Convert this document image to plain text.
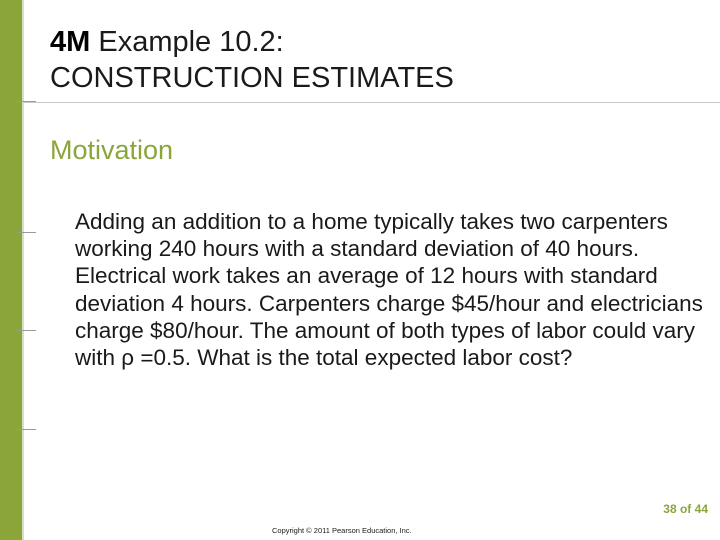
4M Example 10.2:
CONSTRUCTION ESTIMATES
Motivation
Adding an addition to a home typically takes two carpenters working 240 hours with a standard deviation of 40 hours. Electrical work takes an average of 12 hours with standard deviation 4 hours. Carpenters charge $45/hour and electricians charge $80/hour. The amount of both types of labor could vary with ρ =0.5. What is the total expected labor cost?
38 of 44
Copyright © 2011 Pearson Education, Inc.
